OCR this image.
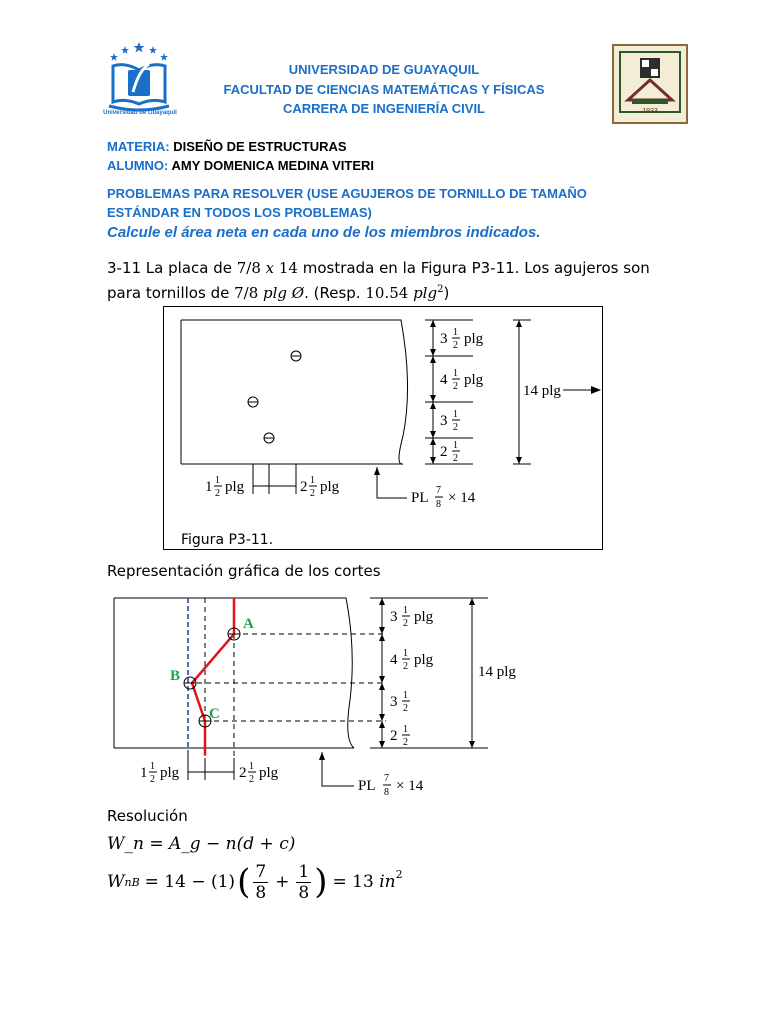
Universidad de Guayaquil	1933
UNIVERSIDAD DE GUAYAQUIL
FACULTAD DE CIENCIAS MATEMÁTICAS Y FÍSICAS
CARRERA DE INGENIERÍA CIVIL
MATERIA: DISEÑO DE ESTRUCTURAS
ALUMNO: AMY DOMENICA MEDINA VITERI
PROBLEMAS PARA RESOLVER (USE AGUJEROS DE TORNILLO DE TAMAÑO
ESTÁNDAR EN TODOS LOS PROBLEMAS)
Calcule el área neta en cada uno de los miembros indicados.
3-11 La placa de 7/8 x 14 mostrada en la Figura P3-11. Los agujeros son
para tornillos de 7/8 plg Ø. (Resp. 10.54 plg$^2$)
3 1
2 plg
4 1
2 plg
3 1
2
2 1
2
14 plg
1 1
2 plg	2 1
2 plg
PL 7
8 × 14
Figura P3-11.
Representación gráfica de los cortes
A
B
C
3 1
2 plg
4 1
2 plg
3 1
2
2 1
2
14 plg
1 1
2 plg	2 1
2 plg
PL 7
8 × 14
Resolución
W_n = A_g − n(d + c)
W nB = 14 − (1) ( $\frac{7}{8} + \frac{1}{8}$ ) = 13 $in^2$
